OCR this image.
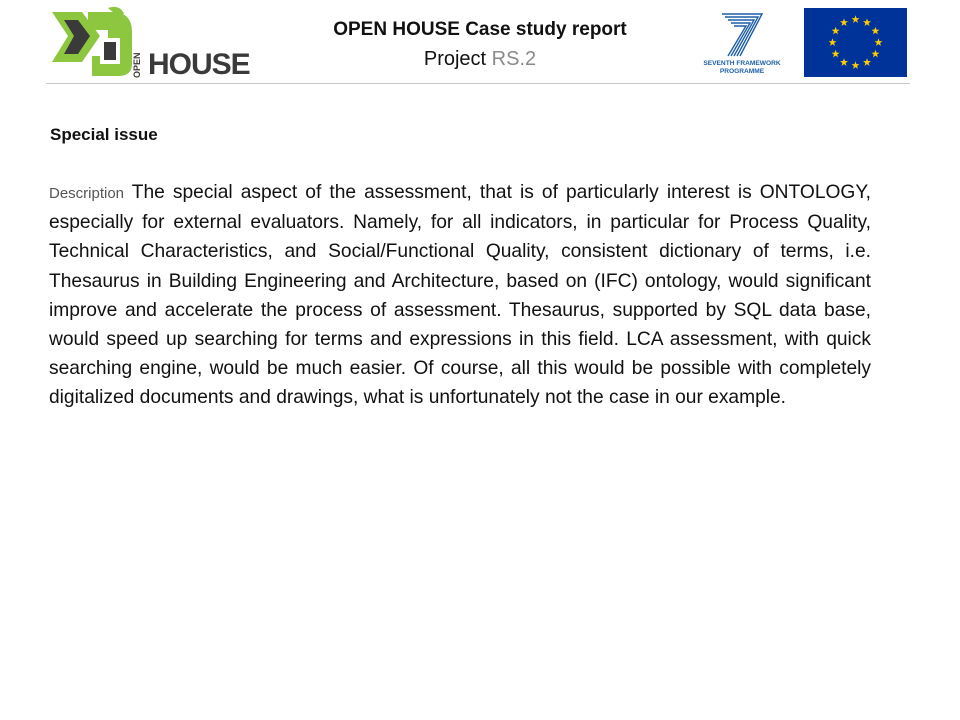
OPEN HOUSE
OPEN HOUSE Case study report
Project RS.2	SEVENTH FRAMEWORK
PROGRAMME
Special issue

Description The special aspect of the assessment, that is of particularly interest is ONTOLOGY, especially for external evaluators. Namely, for all indicators, in particular for Process Quality, Technical Characteristics, and Social/Functional Quality, consistent dictionary of terms, i.e. Thesaurus in Building Engineering and Architecture, based on (IFC) ontology, would significant improve and accelerate the process of assessment. Thesaurus, supported by SQL data base, would speed up searching for terms and expressions in this field. LCA assessment, with quick searching engine, would be much easier. Of course, all this would be possible with completely digitalized documents and drawings, what is unfortunately not the case in our example.
